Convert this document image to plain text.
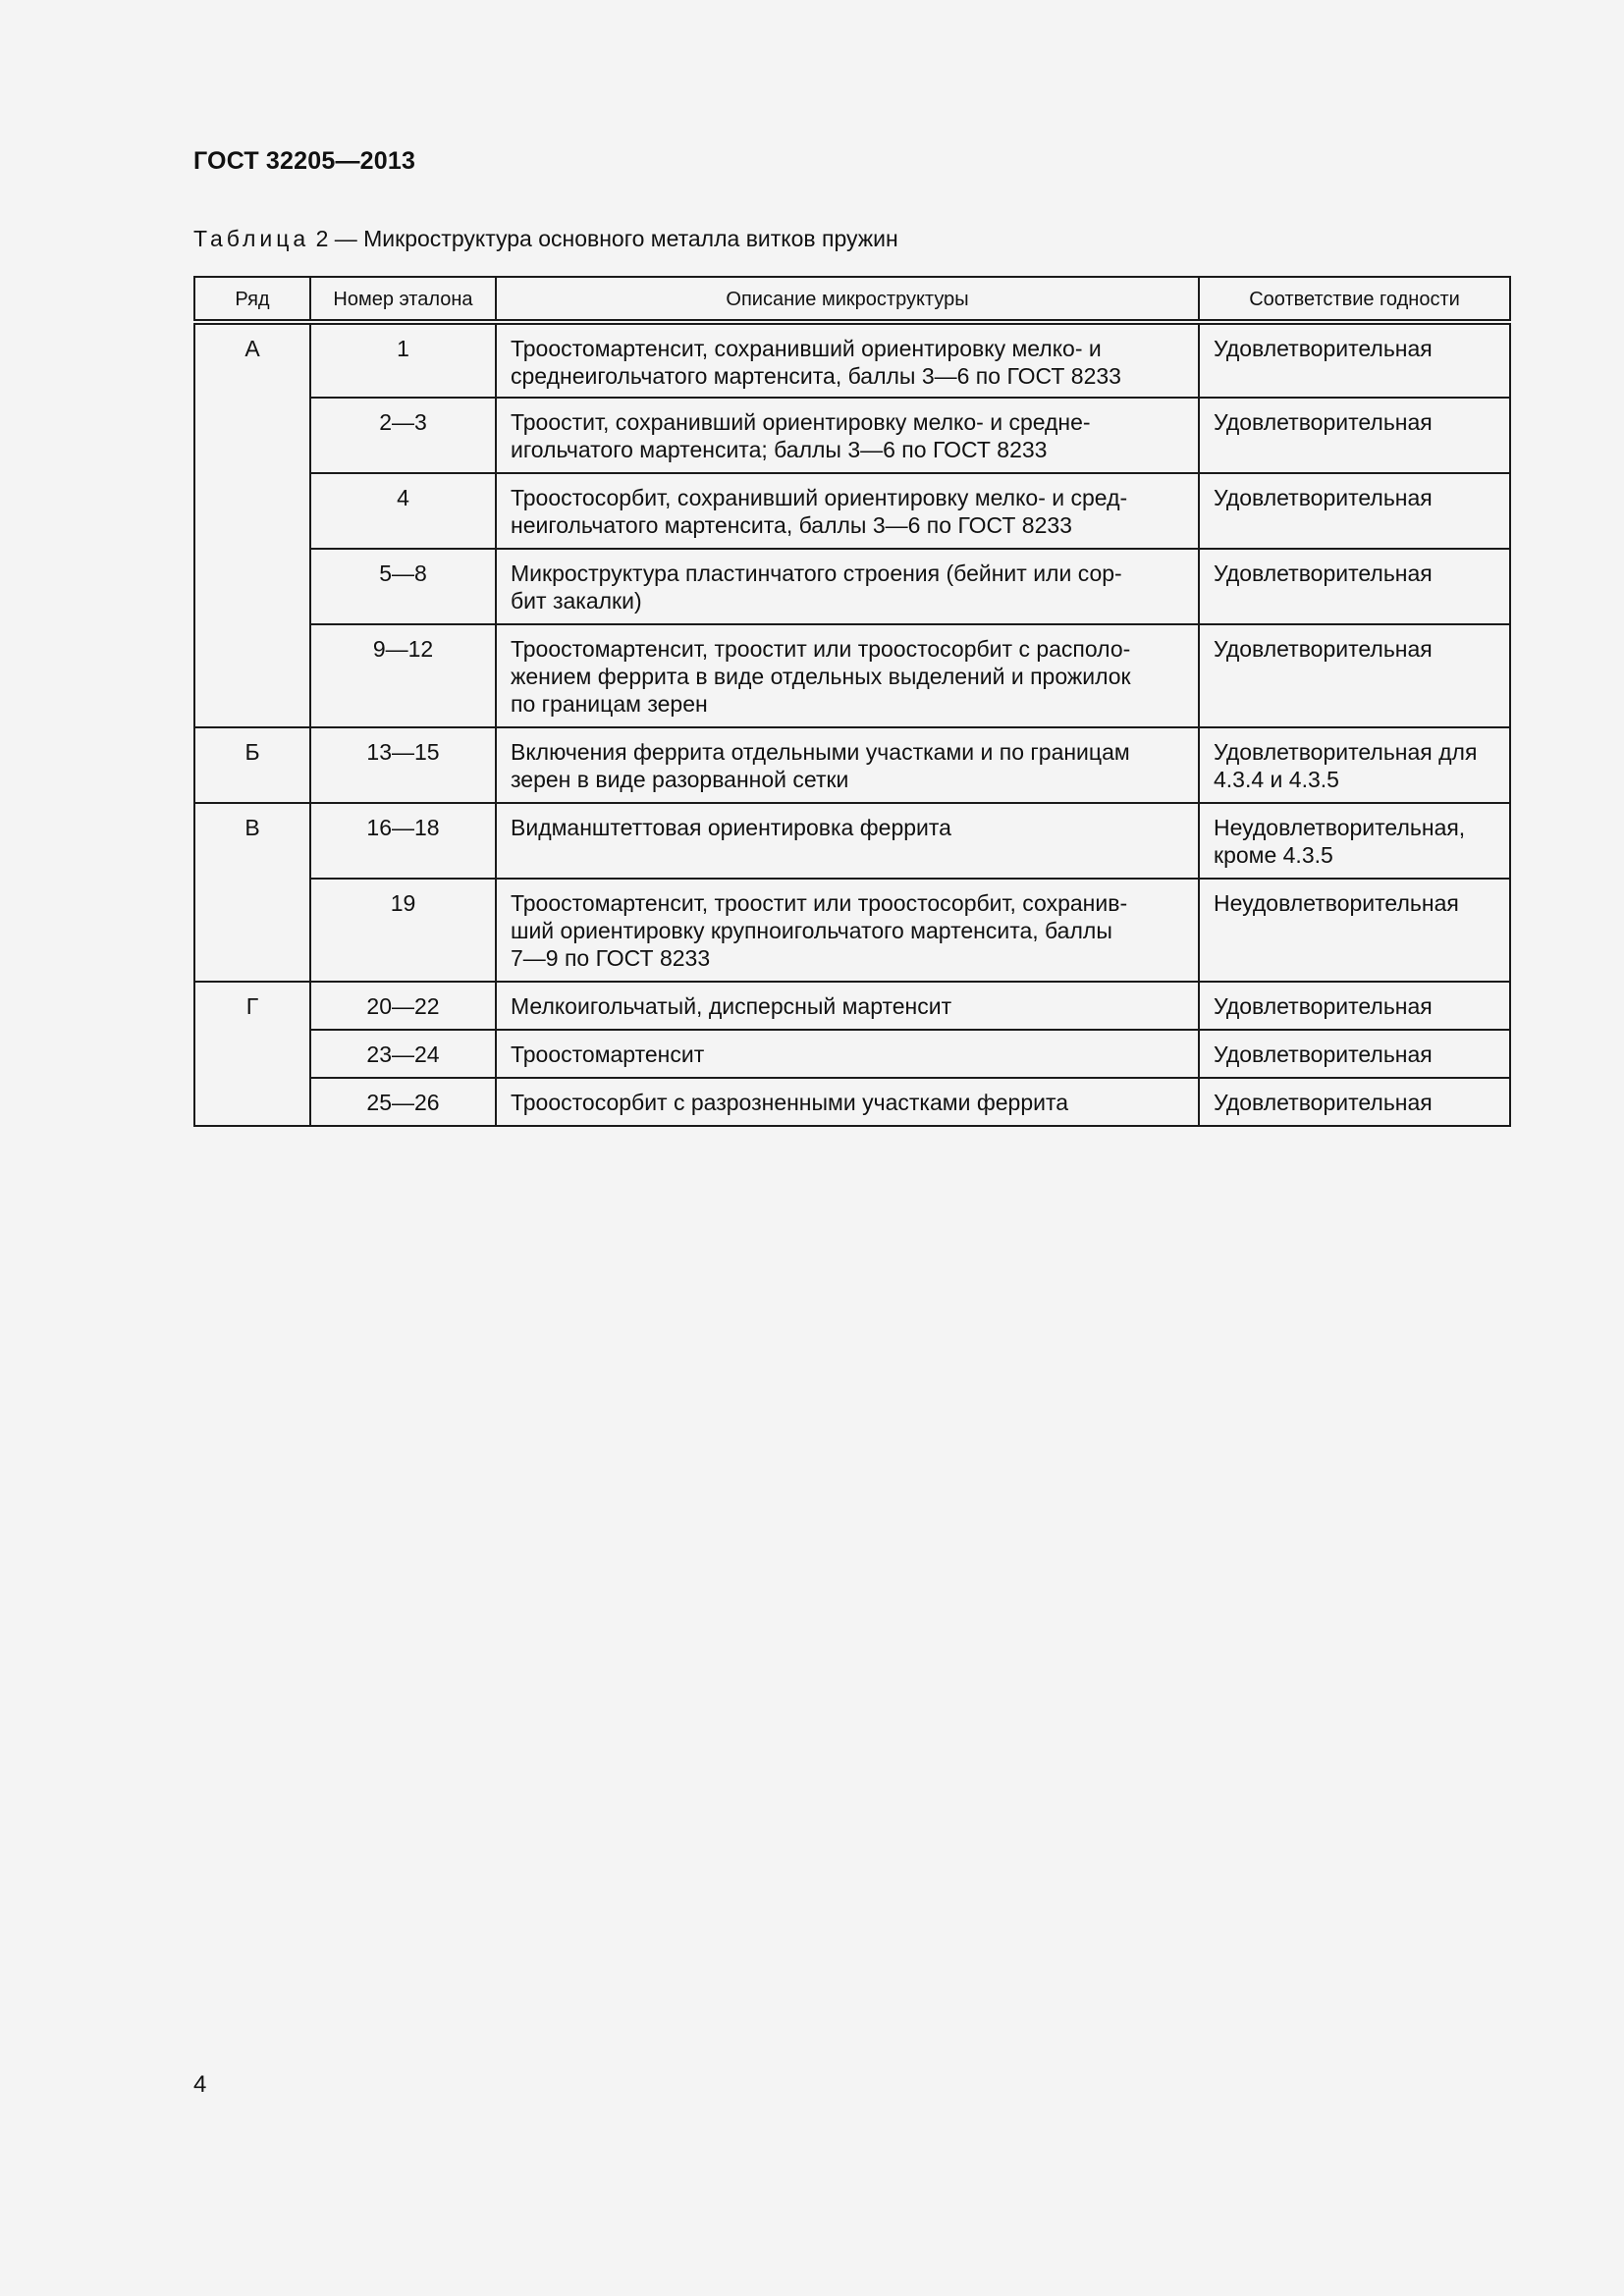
ГОСТ 32205—2013
Таблица 2 — Микроструктура основного металла витков пружин
Ряд	Номер эталона	Описание микроструктуры	Соответствие годности
А	1	Троостомартенсит, сохранивший ориентировку мелко- и
среднеигольчатого мартенсита, баллы 3—6 по ГОСТ 8233	Удовлетворительная
	2—3	Троостит, сохранивший ориентировку мелко- и средне-
игольчатого мартенсита; баллы 3—6 по ГОСТ 8233	Удовлетворительная
	4	Троостосорбит, сохранивший ориентировку мелко- и сред-
неигольчатого мартенсита, баллы 3—6 по ГОСТ 8233	Удовлетворительная
	5—8	Микроструктура пластинчатого строения (бейнит или сор-
бит закалки)	Удовлетворительная
	9—12	Троостомартенсит, троостит или троостосорбит с располо-
жением феррита в виде отдельных выделений и прожилок
по границам зерен	Удовлетворительная
Б	13—15	Включения феррита отдельными участками и по границам
зерен в виде разорванной сетки	Удовлетворительная для 4.3.4 и 4.3.5
В	16—18	Видманштеттовая ориентировка феррита	Неудовлетворительная, кроме 4.3.5
	19	Троостомартенсит, троостит или троостосорбит, сохранив-
ший ориентировку крупноигольчатого мартенсита, баллы
7—9 по ГОСТ 8233	Неудовлетворительная
Г	20—22	Мелкоигольчатый, дисперсный мартенсит	Удовлетворительная
	23—24	Троостомартенсит	Удовлетворительная
	25—26	Троостосорбит с разрозненными участками феррита	Удовлетворительная
4
